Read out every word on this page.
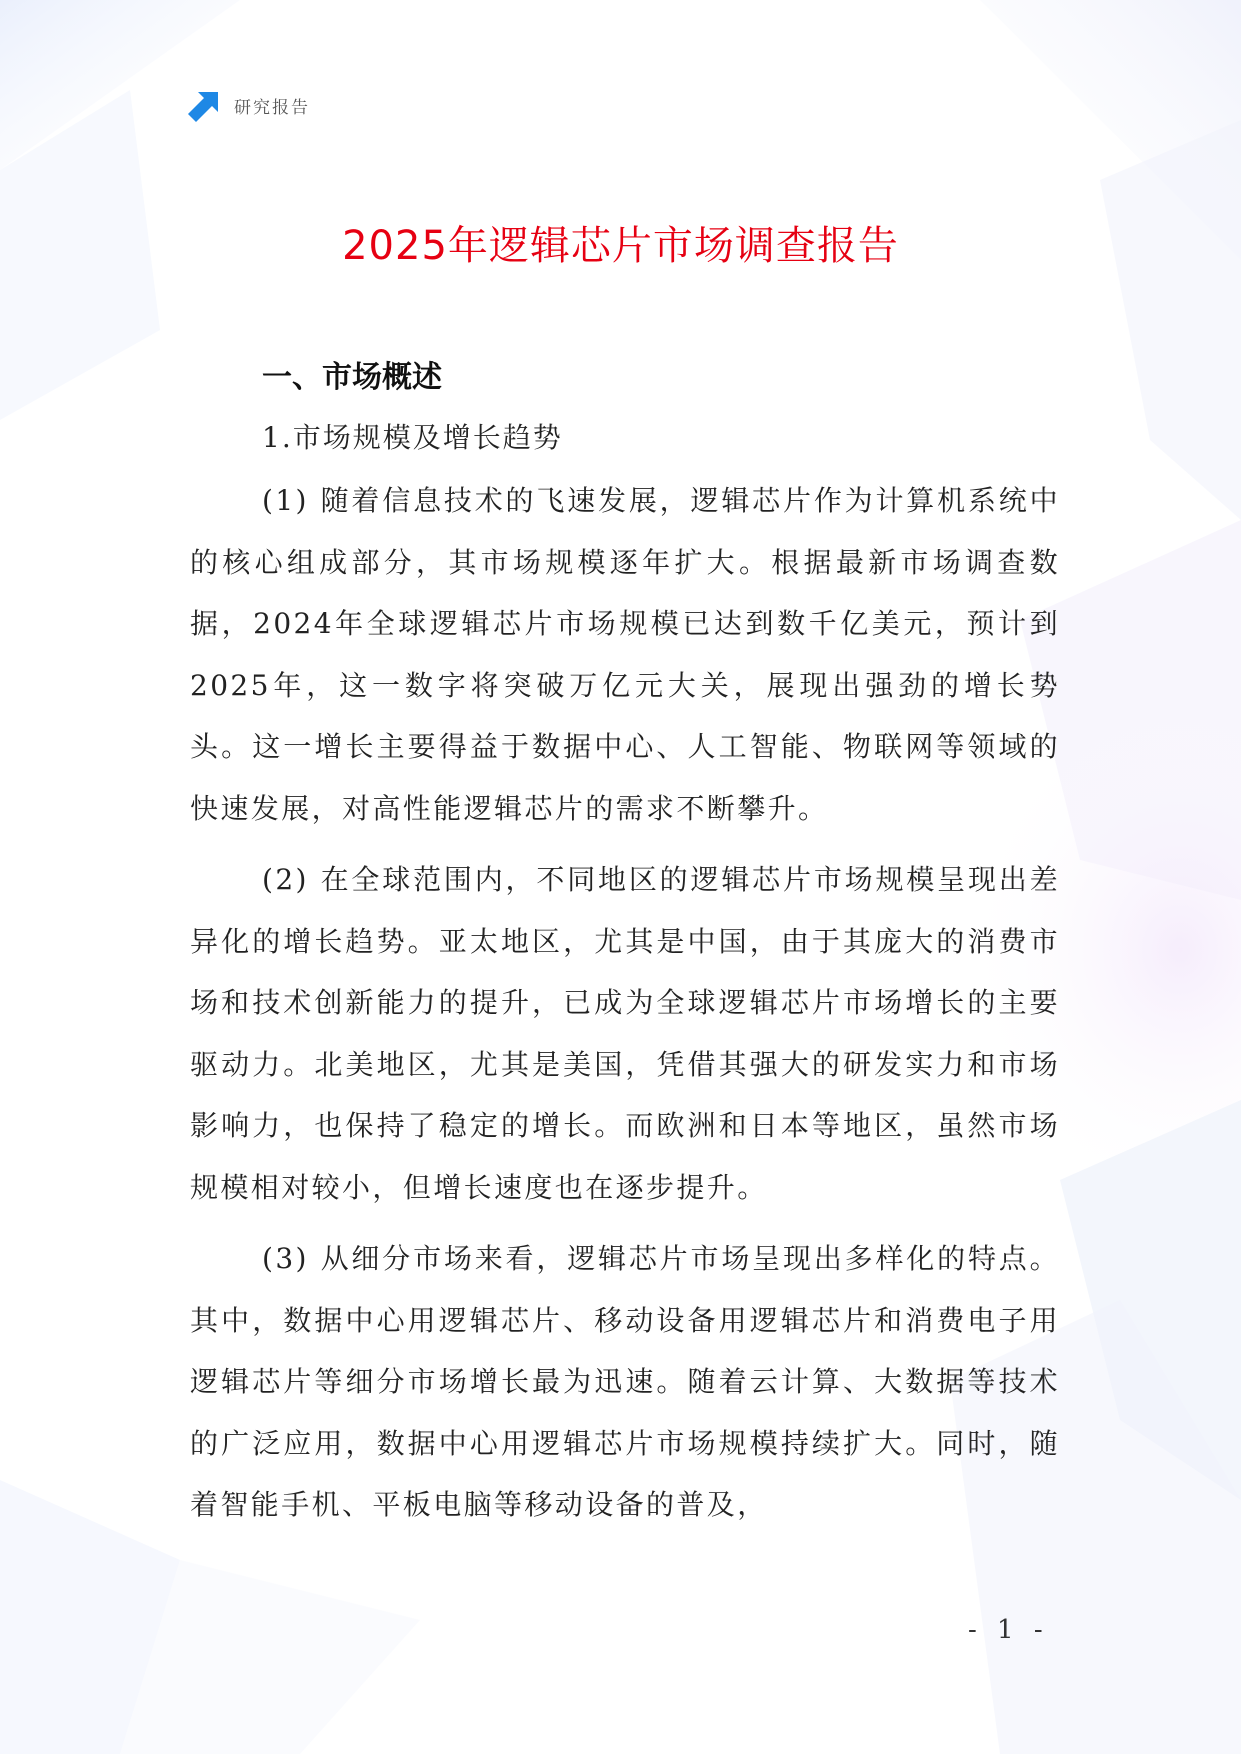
研究报告
2025年逻辑芯片市场调查报告
一、市场概述
1.市场规模及增长趋势

(1) 随着信息技术的飞速发展，逻辑芯片作为计算机系统中的核心组成部分，其市场规模逐年扩大。根据最新市场调查数据，2024年全球逻辑芯片市场规模已达到数千亿美元，预计到2025年，这一数字将突破万亿元大关，展现出强劲的增长势头。这一增长主要得益于数据中心、人工智能、物联网等领域的快速发展，对高性能逻辑芯片的需求不断攀升。

(2) 在全球范围内，不同地区的逻辑芯片市场规模呈现出差异化的增长趋势。亚太地区，尤其是中国，由于其庞大的消费市场和技术创新能力的提升，已成为全球逻辑芯片市场增长的主要驱动力。北美地区，尤其是美国，凭借其强大的研发实力和市场影响力，也保持了稳定的增长。而欧洲和日本等地区，虽然市场规模相对较小，但增长速度也在逐步提升。

(3) 从细分市场来看，逻辑芯片市场呈现出多样化的特点。其中，数据中心用逻辑芯片、移动设备用逻辑芯片和消费电子用逻辑芯片等细分市场增长最为迅速。随着云计算、大数据等技术的广泛应用，数据中心用逻辑芯片市场规模持续扩大。同时，随着智能手机、平板电脑等移动设备的普及，

- 1 -
